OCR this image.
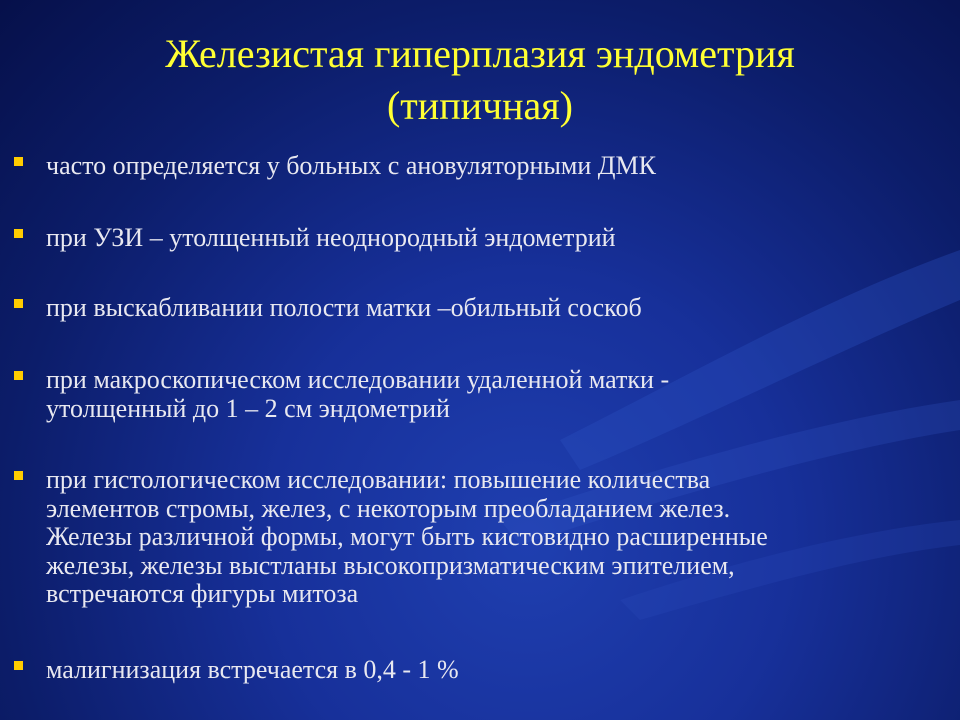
Железистая гиперплазия эндометрия
(типичная)
часто определяется у больных с ановуляторными ДМК
при УЗИ – утолщенный неоднородный эндометрий
при выскабливании полости матки –обильный соскоб
при макроскопическом исследовании удаленной матки -
утолщенный до 1 – 2 см эндометрий
при гистологическом исследовании: повышение количества
элементов стромы, желез, с некоторым преобладанием желез.
Железы различной формы, могут быть кистовидно расширенные
железы, железы выстланы высокопризматическим эпителием,
встречаются фигуры митоза
малигнизация встречается в 0,4 - 1 %
